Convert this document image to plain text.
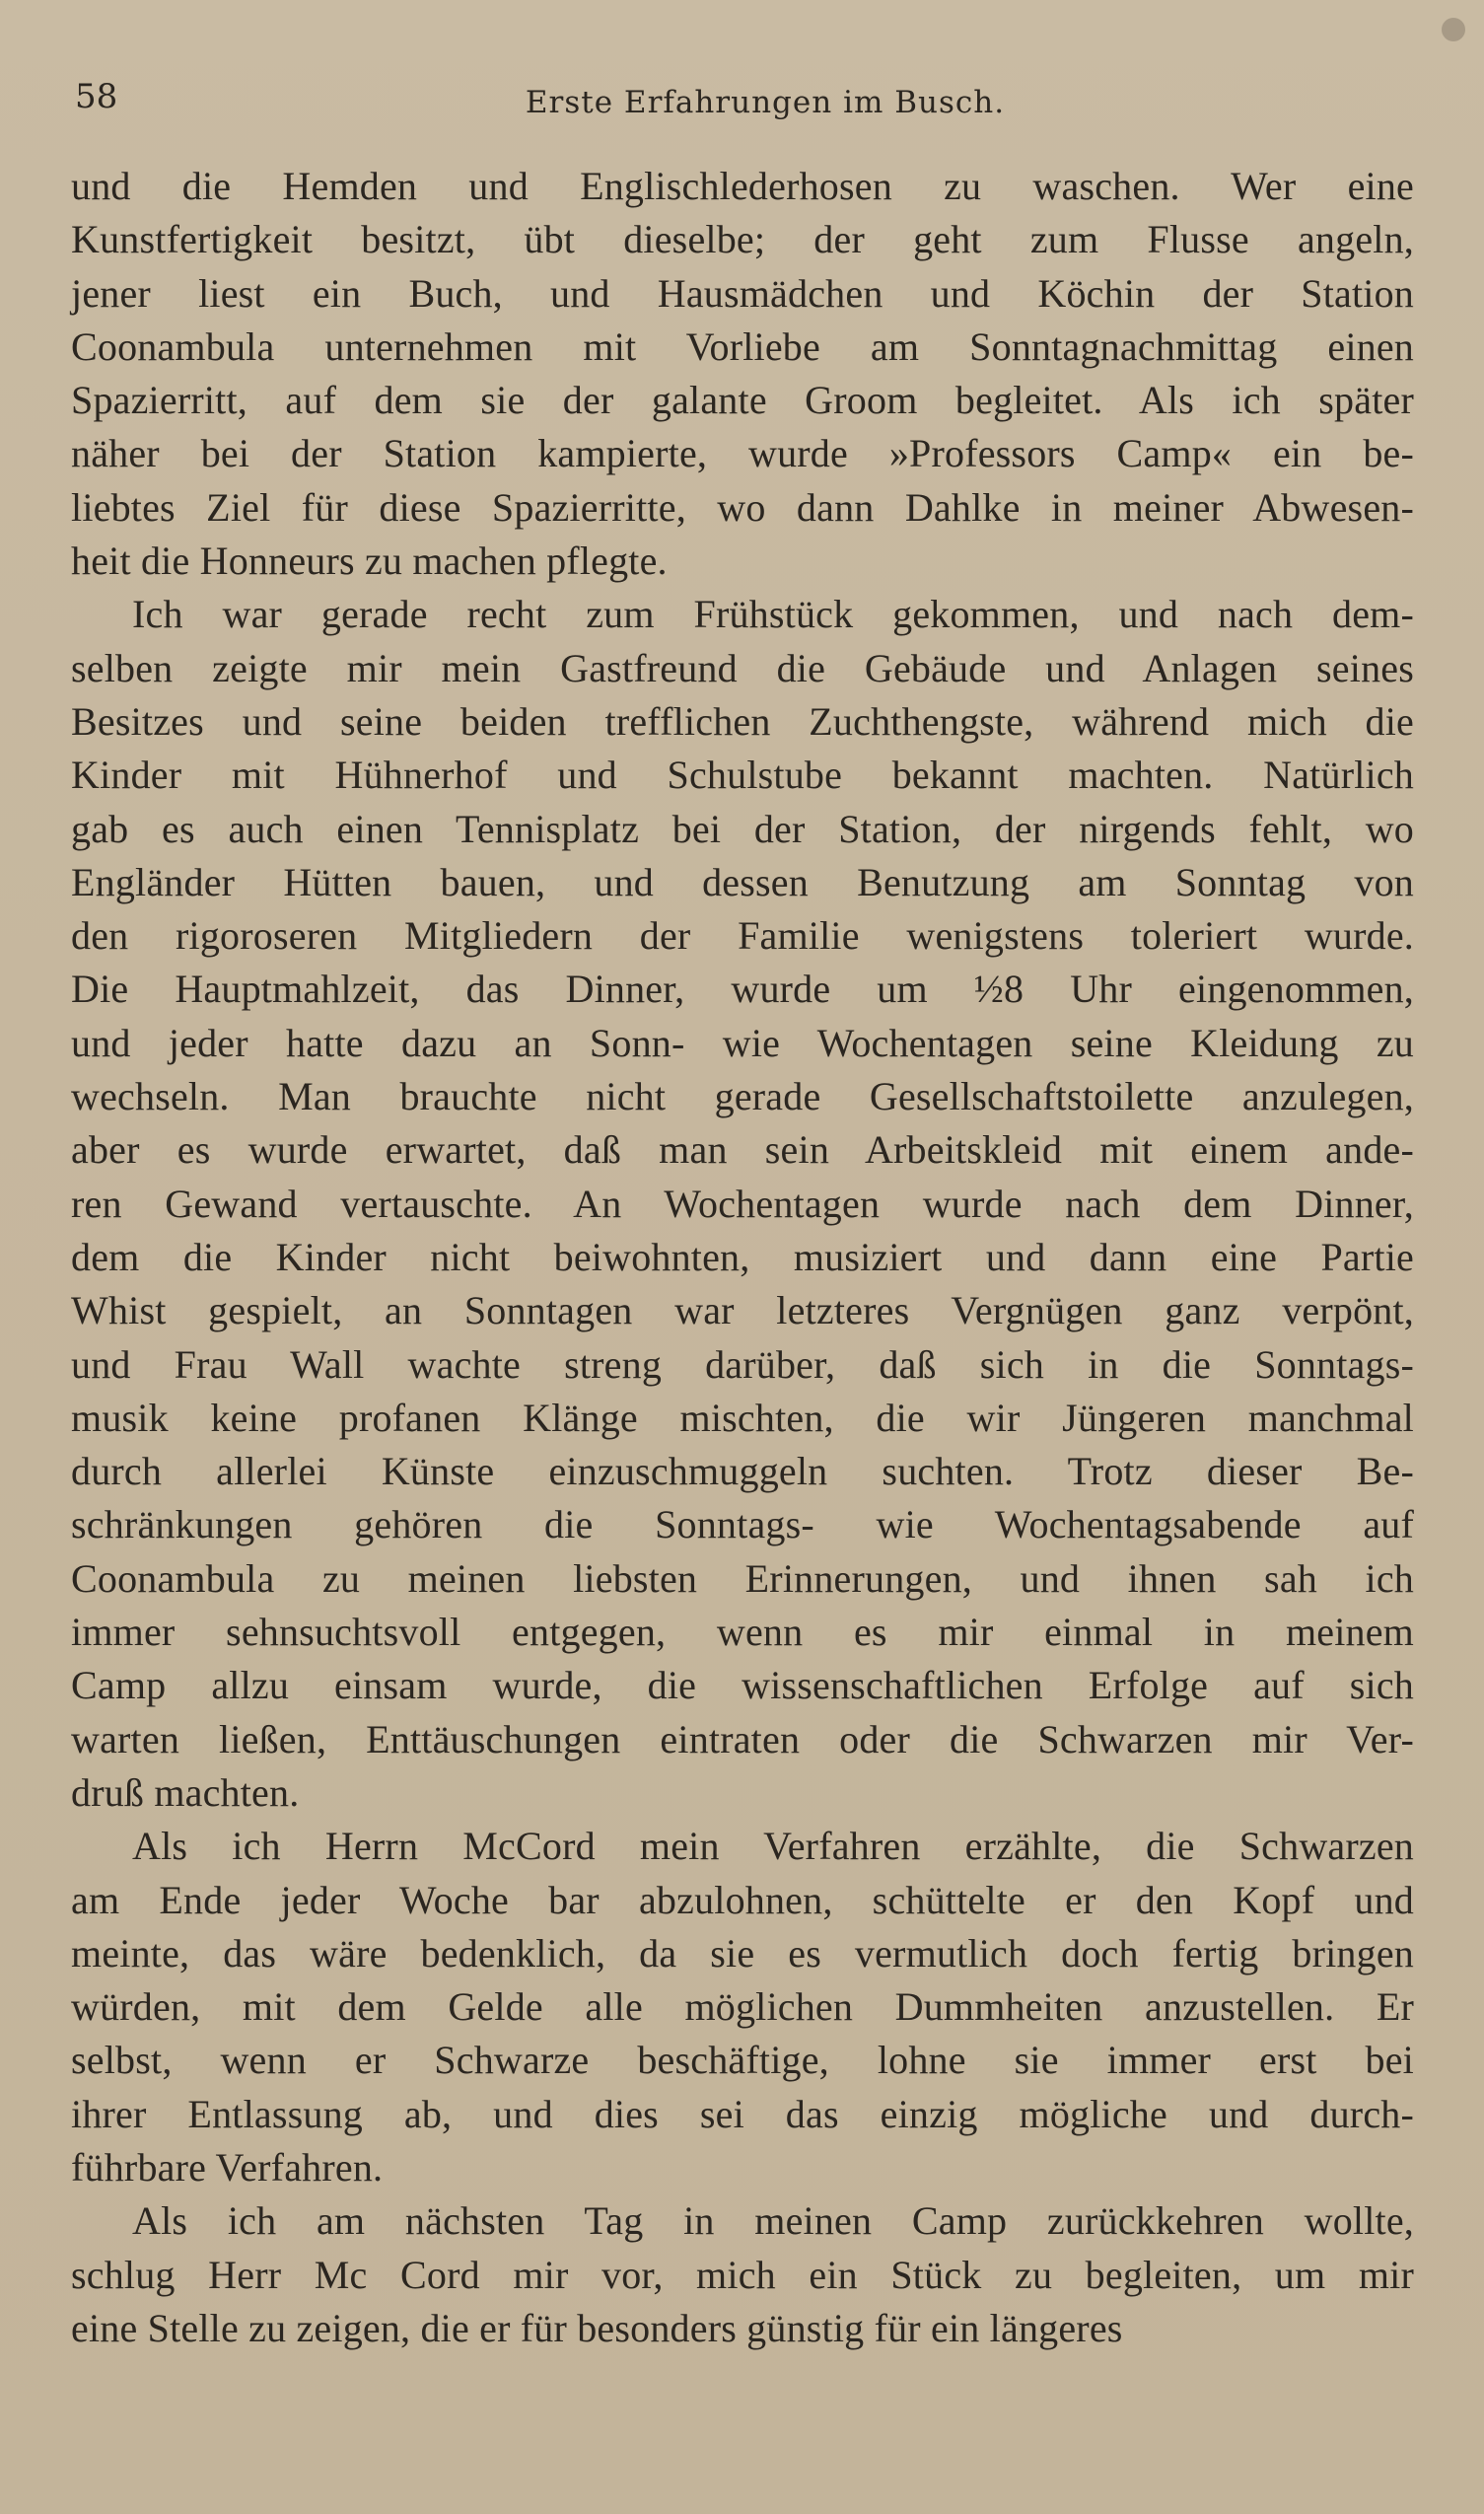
58	Erste Erfahrungen im Busch.
und die Hemden und Englischlederhosen zu waschen. Wer eine
Kunstfertigkeit besitzt, übt dieselbe; der geht zum Flusse angeln,
jener liest ein Buch, und Hausmädchen und Köchin der Station
Coonambula unternehmen mit Vorliebe am Sonntagnachmittag einen
Spazierritt, auf dem sie der galante Groom begleitet. Als ich später
näher bei der Station kampierte, wurde »Professors Camp« ein be-
liebtes Ziel für diese Spazierritte, wo dann Dahlke in meiner Abwesen-
heit die Honneurs zu machen pflegte.
Ich war gerade recht zum Frühstück gekommen, und nach dem-
selben zeigte mir mein Gastfreund die Gebäude und Anlagen seines
Besitzes und seine beiden trefflichen Zuchthengste, während mich die
Kinder mit Hühnerhof und Schulstube bekannt machten. Natürlich
gab es auch einen Tennisplatz bei der Station, der nirgends fehlt, wo
Engländer Hütten bauen, und dessen Benutzung am Sonntag von
den rigoroseren Mitgliedern der Familie wenigstens toleriert wurde.
Die Hauptmahlzeit, das Dinner, wurde um ½8 Uhr eingenommen,
und jeder hatte dazu an Sonn- wie Wochentagen seine Kleidung zu
wechseln. Man brauchte nicht gerade Gesellschaftstoilette anzulegen,
aber es wurde erwartet, daß man sein Arbeitskleid mit einem ande-
ren Gewand vertauschte. An Wochentagen wurde nach dem Dinner,
dem die Kinder nicht beiwohnten, musiziert und dann eine Partie
Whist gespielt, an Sonntagen war letzteres Vergnügen ganz verpönt,
und Frau Wall wachte streng darüber, daß sich in die Sonntags-
musik keine profanen Klänge mischten, die wir Jüngeren manchmal
durch allerlei Künste einzuschmuggeln suchten. Trotz dieser Be-
schränkungen gehören die Sonntags- wie Wochentagsabende auf
Coonambula zu meinen liebsten Erinnerungen, und ihnen sah ich
immer sehnsuchtsvoll entgegen, wenn es mir einmal in meinem
Camp allzu einsam wurde, die wissenschaftlichen Erfolge auf sich
warten ließen, Enttäuschungen eintraten oder die Schwarzen mir Ver-
druß machten.
Als ich Herrn McCord mein Verfahren erzählte, die Schwarzen
am Ende jeder Woche bar abzulohnen, schüttelte er den Kopf und
meinte, das wäre bedenklich, da sie es vermutlich doch fertig bringen
würden, mit dem Gelde alle möglichen Dummheiten anzustellen. Er
selbst, wenn er Schwarze beschäftige, lohne sie immer erst bei
ihrer Entlassung ab, und dies sei das einzig mögliche und durch-
führbare Verfahren.
Als ich am nächsten Tag in meinen Camp zurückkehren wollte,
schlug Herr Mc Cord mir vor, mich ein Stück zu begleiten, um mir
eine Stelle zu zeigen, die er für besonders günstig für ein längeres
